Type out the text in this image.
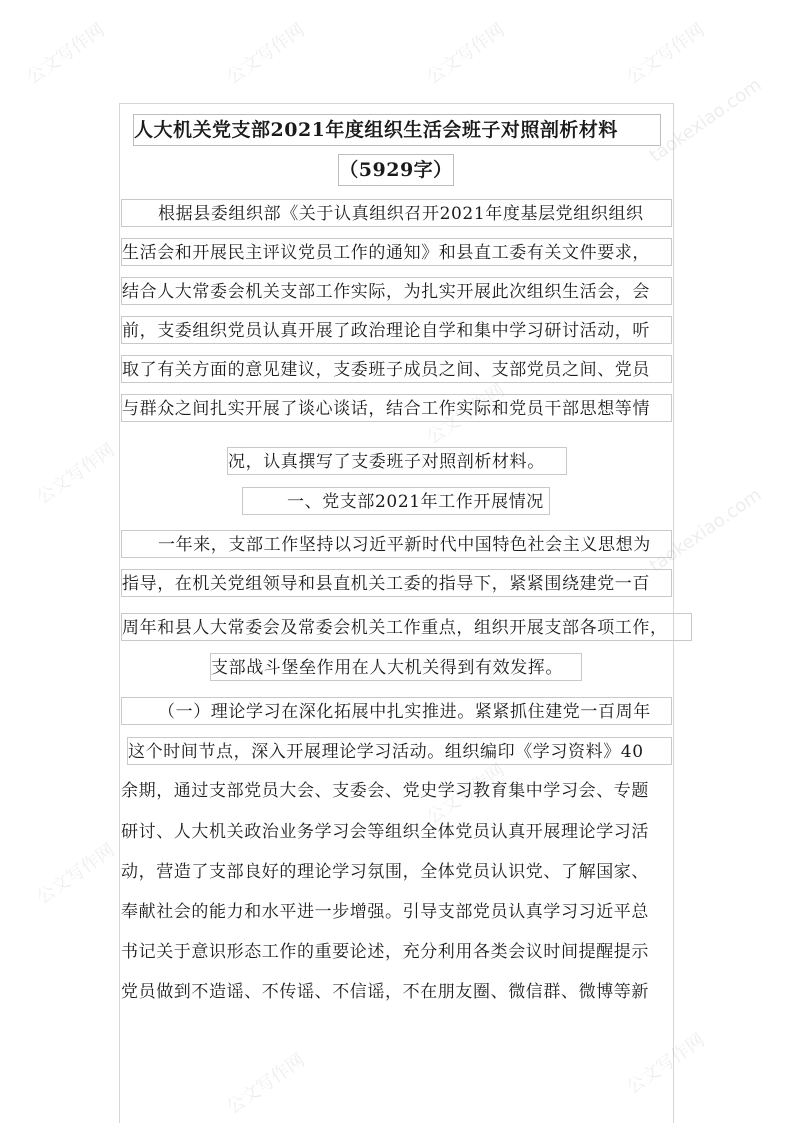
公文写作网	公文写作网	公文写作网	公文写作网
taokexiao.com
公文写作网
公文写作网
taokexiao.com
公文写作网
公文写作网
公文写作网
公文写作网
人大机关党支部2021年度组织生活会班子对照剖析材料
（5929字）
根据县委组织部《关于认真组织召开2021年度基层党组织组织
生活会和开展民主评议党员工作的通知》和县直工委有关文件要求，
结合人大常委会机关支部工作实际，为扎实开展此次组织生活会，会
前，支委组织党员认真开展了政治理论自学和集中学习研讨活动，听
取了有关方面的意见建议，支委班子成员之间、支部党员之间、党员
与群众之间扎实开展了谈心谈话，结合工作实际和党员干部思想等情
况，认真撰写了支委班子对照剖析材料。
一、党支部2021年工作开展情况
一年来，支部工作坚持以习近平新时代中国特色社会主义思想为
指导，在机关党组领导和县直机关工委的指导下，紧紧围绕建党一百
周年和县人大常委会及常委会机关工作重点，组织开展支部各项工作，
支部战斗堡垒作用在人大机关得到有效发挥。
（一）理论学习在深化拓展中扎实推进。紧紧抓住建党一百周年
这个时间节点，深入开展理论学习活动。组织编印《学习资料》40
余期，通过支部党员大会、支委会、党史学习教育集中学习会、专题
研讨、人大机关政治业务学习会等组织全体党员认真开展理论学习活
动，营造了支部良好的理论学习氛围，全体党员认识党、了解国家、
奉献社会的能力和水平进一步增强。引导支部党员认真学习习近平总
书记关于意识形态工作的重要论述，充分利用各类会议时间提醒提示
党员做到不造谣、不传谣、不信谣，不在朋友圈、微信群、微博等新
